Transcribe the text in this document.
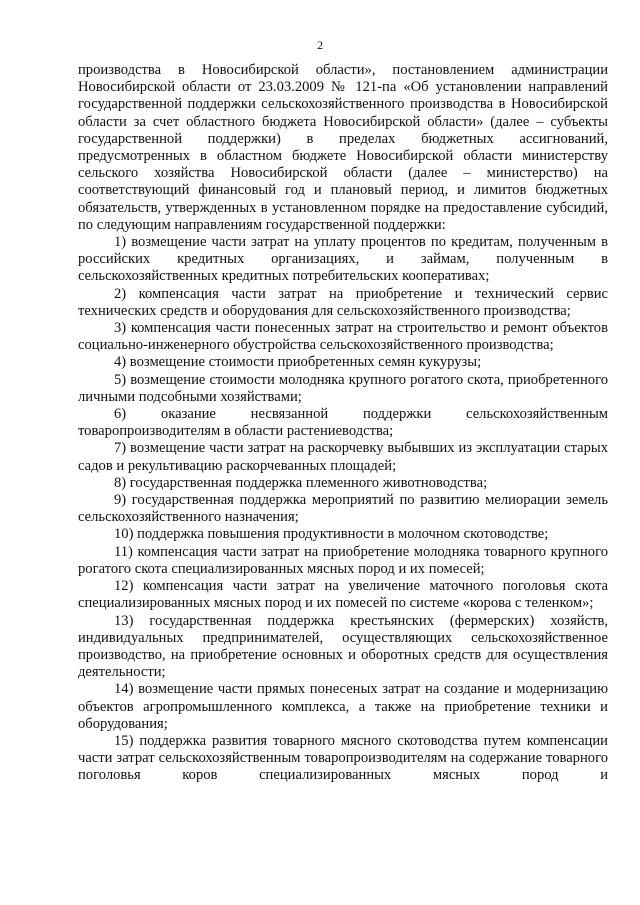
2

производства в Новосибирской области», постановлением администрации Новосибирской области от 23.03.2009 № 121-па «Об установлении направлений государственной поддержки сельскохозяйственного производства в Новосибирской области за счет областного бюджета Новосибирской области» (далее – субъекты государственной поддержки) в пределах бюджетных ассигнований, предусмотренных в областном бюджете Новосибирской области министерству сельского хозяйства Новосибирской области (далее – министерство) на соответствующий финансовый год и плановый период, и лимитов бюджетных обязательств, утвержденных в установленном порядке на предоставление субсидий, по следующим направлениям государственной поддержки:

1) возмещение части затрат на уплату процентов по кредитам, полученным в российских кредитных организациях, и займам, полученным в сельскохозяйственных кредитных потребительских кооперативах;

2) компенсация части затрат на приобретение и технический сервис технических средств и оборудования для сельскохозяйственного производства;

3) компенсация части понесенных затрат на строительство и ремонт объектов социально-инженерного обустройства сельскохозяйственного производства;

4) возмещение стоимости приобретенных семян кукурузы;

5) возмещение стоимости молодняка крупного рогатого скота, приобретенного личными подсобными хозяйствами;

6) оказание несвязанной поддержки сельскохозяйственным товаропроизводителям в области растениеводства;

7) возмещение части затрат на раскорчевку выбывших из эксплуатации старых садов и рекультивацию раскорчеванных площадей;

8) государственная поддержка племенного животноводства;

9) государственная поддержка мероприятий по развитию мелиорации земель сельскохозяйственного назначения;

10) поддержка повышения продуктивности в молочном скотоводстве;

11) компенсация части затрат на приобретение молодняка товарного крупного рогатого скота специализированных мясных пород и их помесей;

12) компенсация части затрат на увеличение маточного поголовья скота специализированных мясных пород и их помесей по системе «корова с теленком»;

13) государственная поддержка крестьянских (фермерских) хозяйств, индивидуальных предпринимателей, осуществляющих сельскохозяйственное производство, на приобретение основных и оборотных средств для осуществления деятельности;

14) возмещение части прямых понесеных затрат на создание и модернизацию объектов агропромышленного комплекса, а также на приобретение техники и оборудования;

15) поддержка развития товарного мясного скотоводства путем компенсации части затрат сельскохозяйственным товаропроизводителям на содержание товарного поголовья коров специализированных мясных пород и
